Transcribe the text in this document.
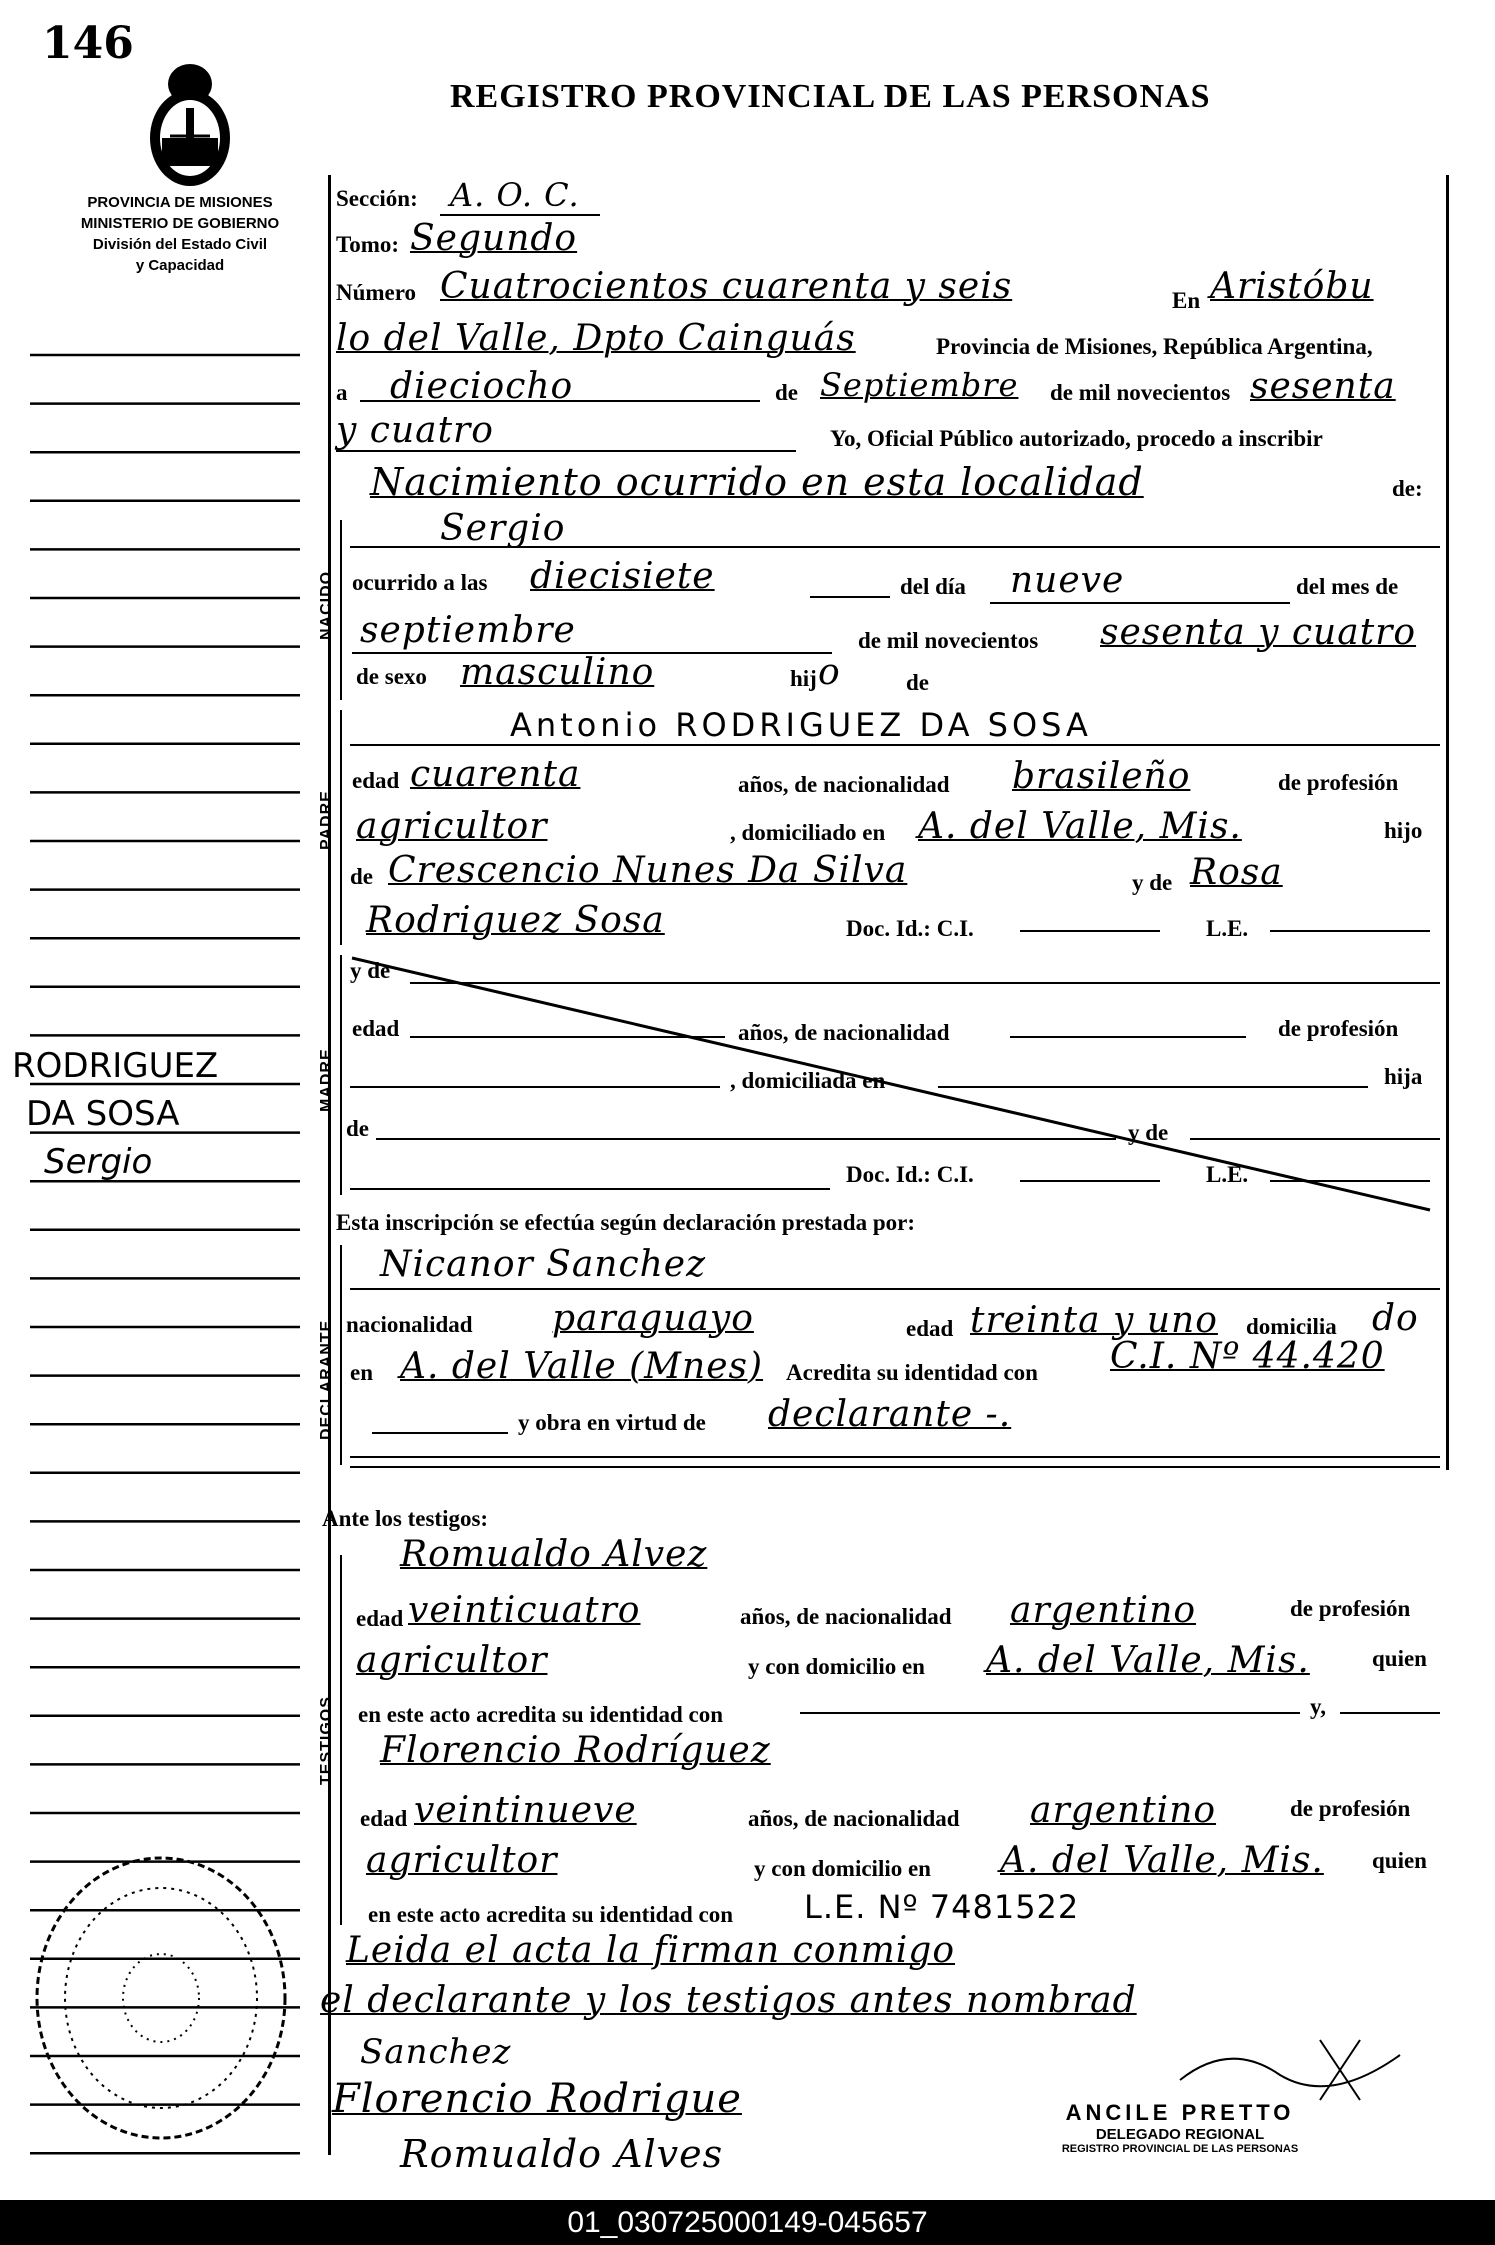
146
REGISTRO PROVINCIAL DE LAS PERSONAS
PROVINCIA DE MISIONES
MINISTERIO DE GOBIERNO
División del Estado Civil
y Capacidad
RODRIGUEZ
DA SOSA
Sergio
NACIDO
PADRE
MADRE
DECLARANTE
TESTIGOS
Sección: A. O. C.
Tomo: Segundo
Número Cuatrocientos cuarenta y seis	En Aristóbu
lo del Valle, Dpto Cainguás	Provincia de Misiones, República Argentina,
a dieciocho	de Septiembre de mil novecientos sesenta
y cuatro	Yo, Oficial Público autorizado, procedo a inscribir
Nacimiento ocurrido en esta localidad	de:
Sergio
ocurrido a las diecisiete	del día nueve	del mes de
septiembre	de mil novecientos sesenta y cuatro
de sexo masculino	hij o	de
Antonio RODRIGUEZ DA SOSA
edad cuarenta	años, de nacionalidad brasileño	de profesión
agricultor	, domiciliado en A. del Valle, Mis.	hijo
de Crescencio Nunes Da Silva	y de Rosa
Rodriguez Sosa	Doc. Id.: C.I.	L.E.
y de
edad	años, de nacionalidad	de profesión
, domiciliada en	hija
de	y de
Doc. Id.: C.I.	L.E.
Esta inscripción se efectúa según declaración prestada por:
Nicanor Sanchez
nacionalidad paraguayo	edad treinta y uno domicilia do
en A. del Valle (Mnes) Acredita su identidad con C.I. Nº 44.420
y obra en virtud de declarante -.
Ante los testigos:
Romualdo Alvez
edad veinticuatro	años, de nacionalidad argentino	de profesión
agricultor	y con domicilio en A. del Valle, Mis.	quien
en este acto acredita su identidad con	y,
Florencio Rodríguez
edad veintinueve	años, de nacionalidad argentino	de profesión
agricultor	y con domicilio en A. del Valle, Mis. quien
en este acto acredita su identidad con L.E. Nº 7481522
Leida el acta la firman conmigo
el declarante y los testigos antes nombrad
Sanchez
Florencio Rodrigue
Romualdo Alves
ANCILE PRETTO
DELEGADO REGIONAL
REGISTRO PROVINCIAL DE LAS PERSONAS
01_030725000149-045657
